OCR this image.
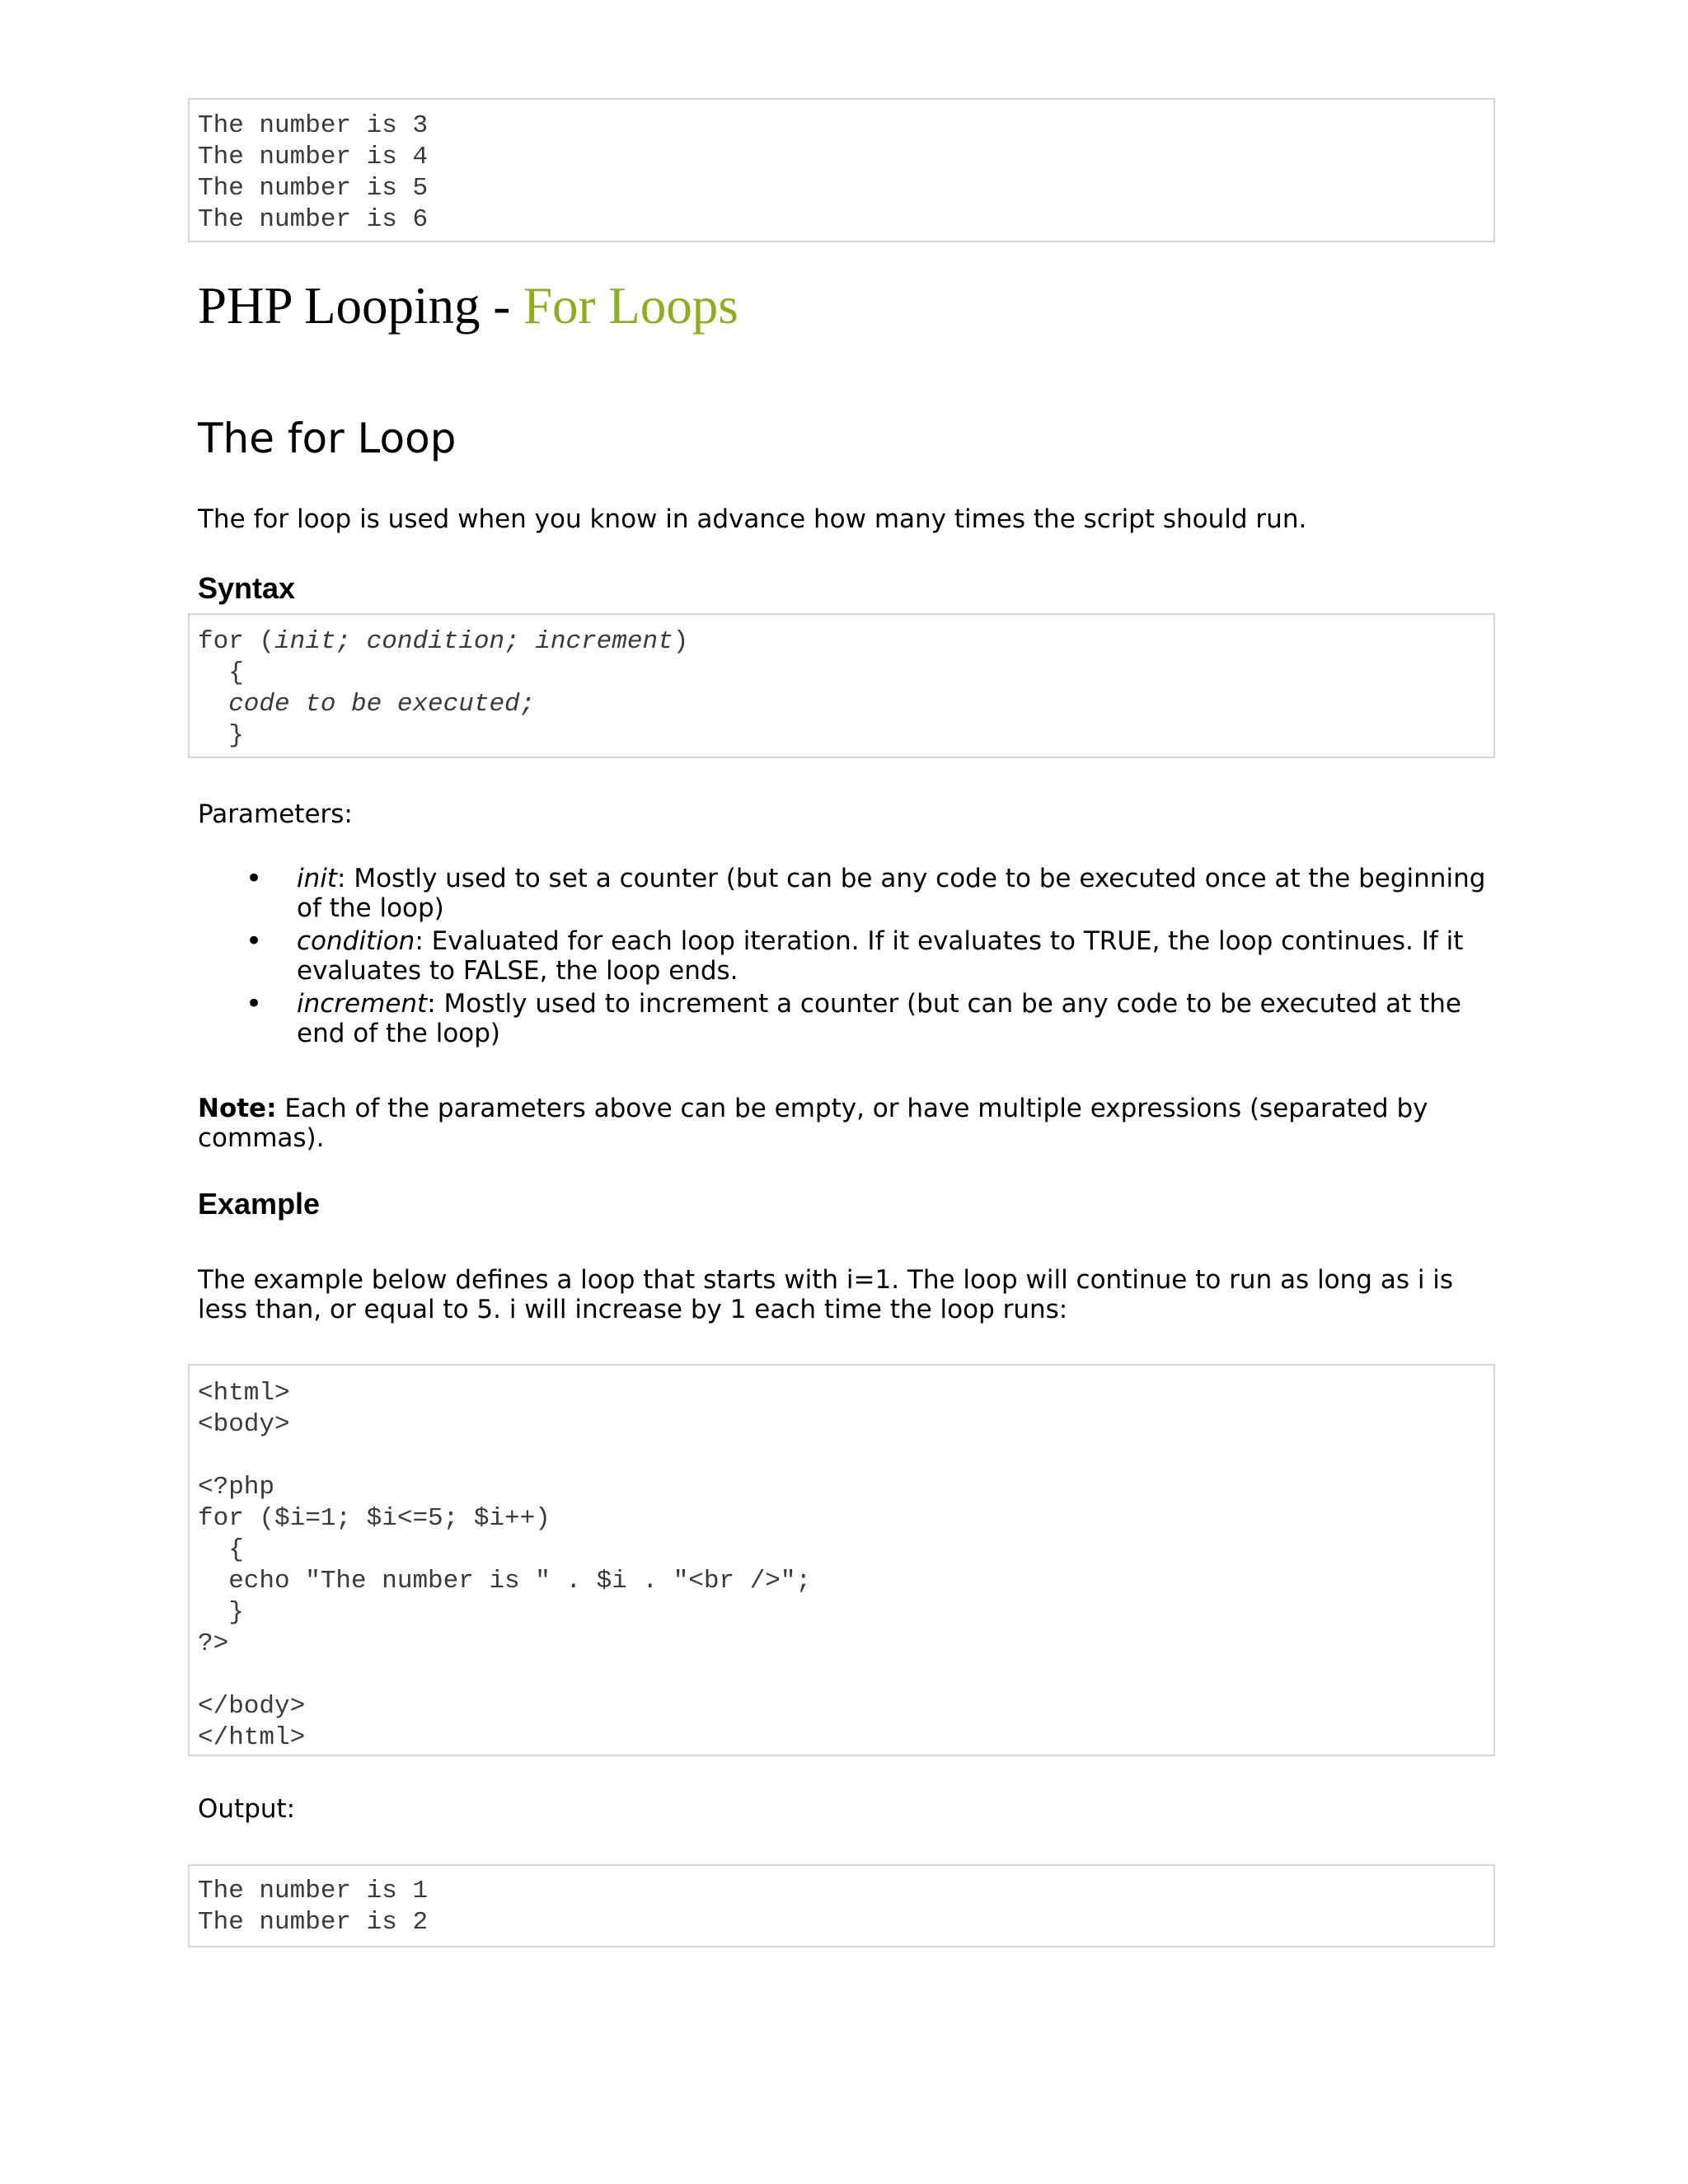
The number is 3
The number is 4
The number is 5
The number is 6
PHP Looping - For Loops
The for Loop

The for loop is used when you know in advance how many times the script should run.

Syntax
for (init; condition; increment)
{
code to be executed;
}

Parameters:

• init: Mostly used to set a counter (but can be any code to be executed once at the beginning of the loop)
• condition: Evaluated for each loop iteration. If it evaluates to TRUE, the loop continues. If it evaluates to FALSE, the loop ends.
• increment: Mostly used to increment a counter (but can be any code to be executed at the end of the loop)

Note: Each of the parameters above can be empty, or have multiple expressions (separated by commas).

Example

The example below defines a loop that starts with i=1. The loop will continue to run as long as i is less than, or equal to 5. i will increase by 1 each time the loop runs:

<html>
<body>
<?php
for ($i=1; $i<=5; $i++)
{
echo "The number is " . $i . "<br />";
}
?>
</body>
</html>

Output:

The number is 1
The number is 2
